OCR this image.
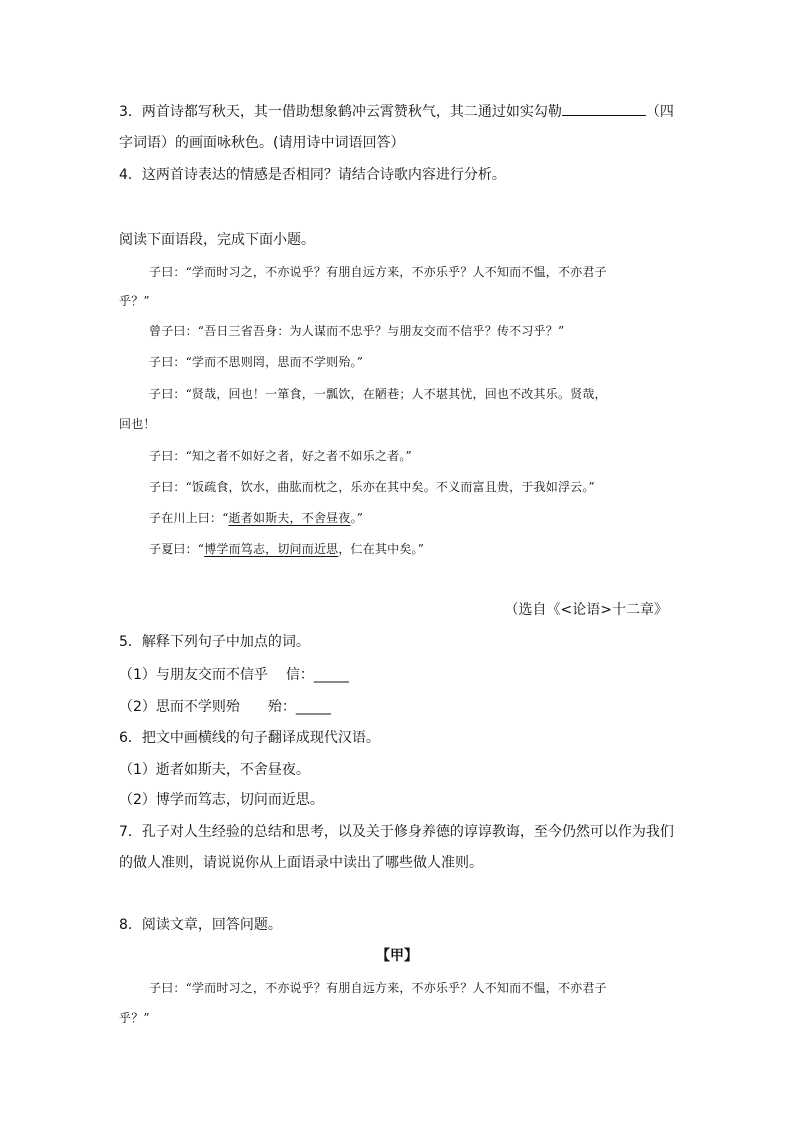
3．两首诗都写秋天，其一借助想象鹤冲云霄赞秋气，其二通过如实勾勒	（四
字词语）的画面咏秋色。(请用诗中词语回答）
4．这两首诗表达的情感是否相同？请结合诗歌内容进行分析。
阅读下面语段，完成下面小题。
子曰：“学而时习之，不亦说乎？有朋自远方来，不亦乐乎？人不知而不愠，不亦君子
乎？”
曾子曰：“吾日三省吾身：为人谋而不忠乎？与朋友交而不信乎？传不习乎？”
子曰：“学而不思则罔，思而不学则殆。”
子曰：“贤哉，回也！一箪食，一瓢饮，在陋巷；人不堪其忧，回也不改其乐。贤哉，
回也！
子曰：“知之者不如好之者，好之者不如乐之者。”
子曰：“饭疏食，饮水，曲肱而枕之，乐亦在其中矣。不义而富且贵，于我如浮云。”
子在川上曰：“逝者如斯夫，不舍昼夜。”
子夏曰：“博学而笃志，切问而近思，仁在其中矣。”
（选自《<论语>十二章》
5．解释下列句子中加点的词。
（1）与朋友交而不信乎 信：_____
（2）思而不学则殆 殆：_____
6．把文中画横线的句子翻译成现代汉语。
（1）逝者如斯夫，不舍昼夜。
（2）博学而笃志，切问而近思。
7．孔子对人生经验的总结和思考，以及关于修身养德的谆谆教诲，至今仍然可以作为我们
的做人准则，请说说你从上面语录中读出了哪些做人准则。
8．阅读文章，回答问题。
【甲】
子曰：“学而时习之，不亦说乎？有朋自远方来，不亦乐乎？人不知而不愠，不亦君子
乎？”
